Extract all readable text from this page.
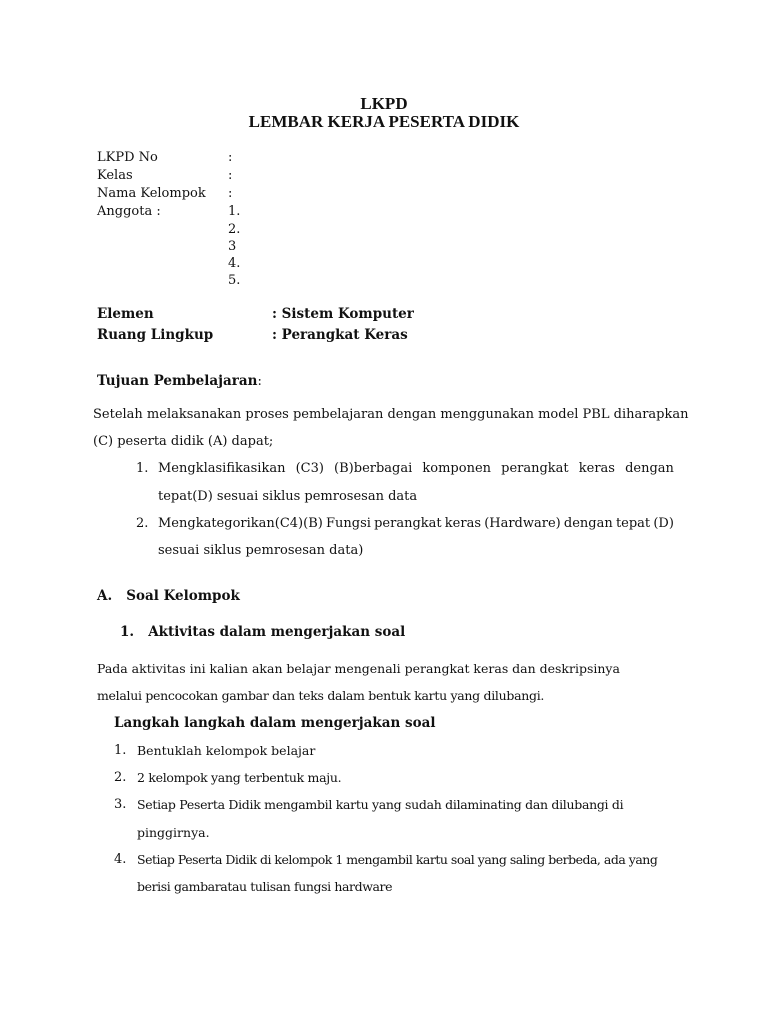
LKPD
LEMBAR KERJA PESERTA DIDIK
LKPD No	:
Kelas	:
Nama Kelompok :
Anggota :	1.
2.
3
4.
5.
Elemen	: Sistem Komputer
Ruang Lingkup	: Perangkat Keras
Tujuan Pembelajaran:
Setelah melaksanakan proses pembelajaran dengan menggunakan model PBL diharapkan
(C) peserta didik (A) dapat;
1. Mengklasifikasikan (C3) (B)berbagai komponen perangkat keras dengan
tepat(D) sesuai siklus pemrosesan data
2. Mengkategorikan(C4)(B) Fungsi perangkat keras (Hardware) dengan tepat (D)
sesuai siklus pemrosesan data)
A.   Soal Kelompok
1.   Aktivitas dalam mengerjakan soal
Pada aktivitas ini kalian akan belajar mengenali perangkat keras dan deskripsinya
melalui pencocokan gambar dan teks dalam bentuk kartu yang dilubangi.
Langkah langkah dalam mengerjakan soal
1. Bentuklah kelompok belajar
2. 2 kelompok yang terbentuk maju.
3. Setiap Peserta Didik mengambil kartu yang sudah dilaminating dan dilubangi di
pinggirnya.
4. Setiap Peserta Didik di kelompok 1 mengambil kartu soal yang saling berbeda, ada yang
berisi gambaratau tulisan fungsi hardware
